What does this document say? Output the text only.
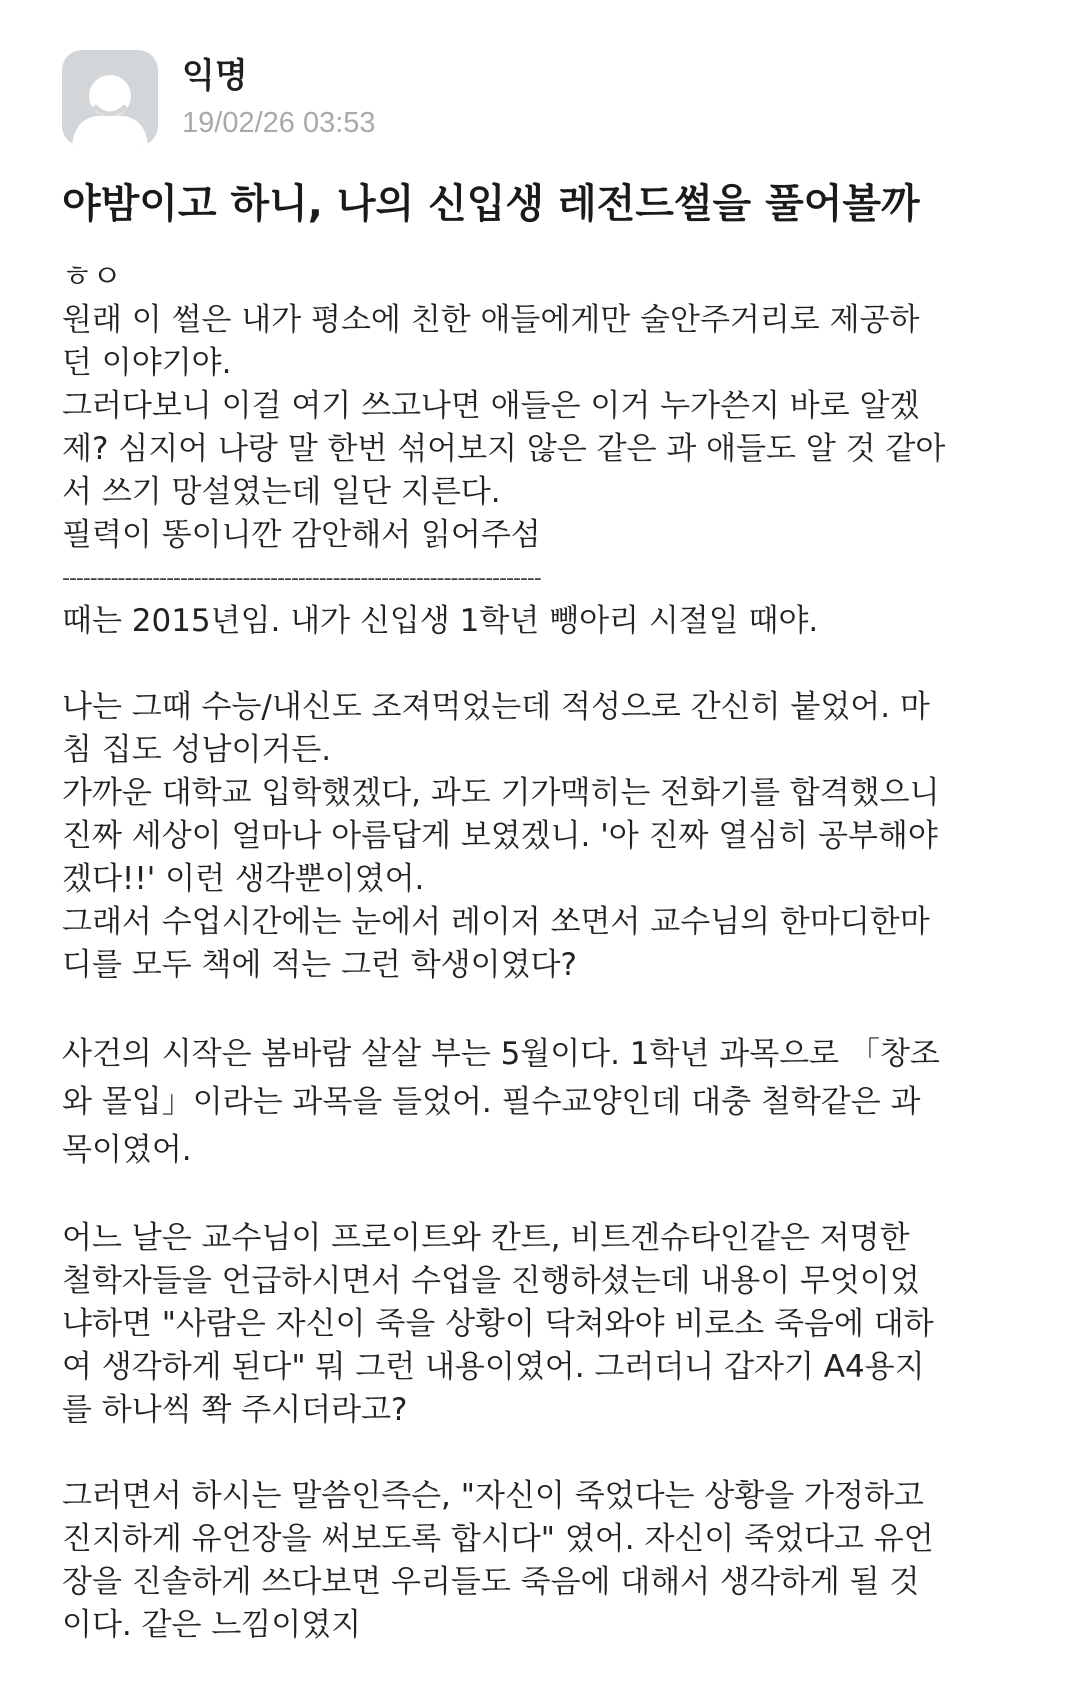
익명
19/02/26 03:53
야밤이고 하니, 나의 신입생 레전드썰을 풀어볼까
ㅎㅇ
원래 이 썰은 내가 평소에 친한 애들에게만 술안주거리로 제공하
던 이야기야.
그러다보니 이걸 여기 쓰고나면 애들은 이거 누가쓴지 바로 알겠
제? 심지어 나랑 말 한번 섞어보지 않은 같은 과 애들도 알 것 같아
서 쓰기 망설였는데 일단 지른다.
필력이 똥이니깐 감안해서 읽어주섬
---------------------------------------------------------------------
때는 2015년임. 내가 신입생 1학년 뺑아리 시절일 때야.
나는 그때 수능/내신도 조져먹었는데 적성으로 간신히 붙었어. 마
침 집도 성남이거든.
가까운 대학교 입학했겠다, 과도 기가맥히는 전화기를 합격했으니
진짜 세상이 얼마나 아름답게 보였겠니. '아 진짜 열심히 공부해야
겠다!!' 이런 생각뿐이였어.
그래서 수업시간에는 눈에서 레이저 쏘면서 교수님의 한마디한마
디를 모두 책에 적는 그런 학생이였다?
사건의 시작은 봄바람 살살 부는 5월이다. 1학년 과목으로 「창조
와 몰입」이라는 과목을 들었어. 필수교양인데 대충 철학같은 과
목이였어.
어느 날은 교수님이 프로이트와 칸트, 비트겐슈타인같은 저명한
철학자들을 언급하시면서 수업을 진행하셨는데 내용이 무엇이었
냐하면 "사람은 자신이 죽을 상황이 닥쳐와야 비로소 죽음에 대하
여 생각하게 된다" 뭐 그런 내용이였어. 그러더니 갑자기 A4용지
를 하나씩 쫙 주시더라고?
그러면서 하시는 말씀인즉슨, "자신이 죽었다는 상황을 가정하고
진지하게 유언장을 써보도록 합시다" 였어. 자신이 죽었다고 유언
장을 진솔하게 쓰다보면 우리들도 죽음에 대해서 생각하게 될 것
이다. 같은 느낌이였지
